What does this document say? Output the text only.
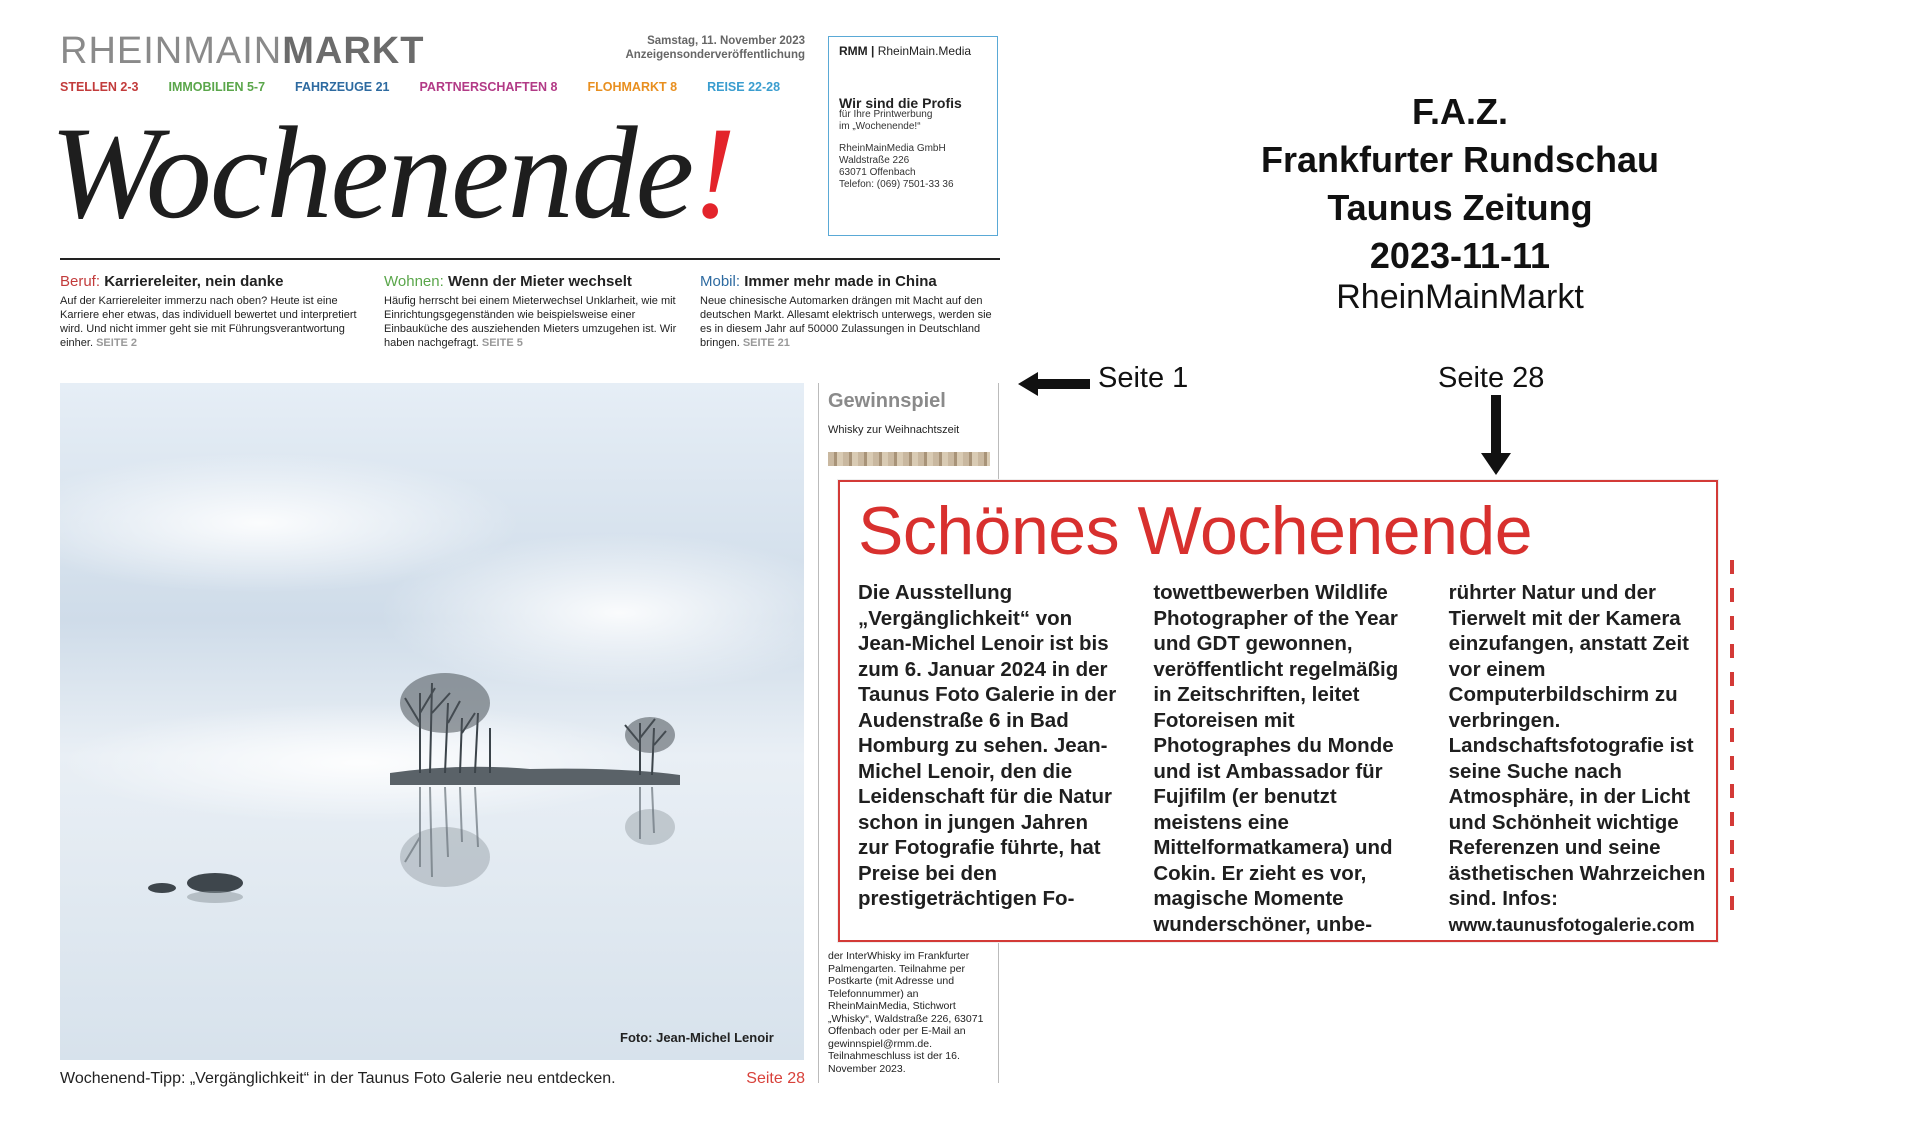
RHEINMAINMARKT	Samstag, 11. November 2023
Anzeigensonderveröffentlichung
STELLEN 2-3 IMMOBILIEN 5-7 FAHRZEUGE 21 PARTNERSCHAFTEN 8 FLOHMARKT 8 REISE 22-28
Wochenende!
RMM | RheinMain.Media
Wir sind die Profis
für Ihre Printwerbung
im „Wochenende!“
RheinMainMedia GmbH
Waldstraße 226
63071 Offenbach
Telefon: (069) 7501-33 36
Beruf: Karriereleiter, nein danke
Auf der Karriereleiter immerzu nach oben? Heute ist eine Karriere eher etwas, das individuell bewertet und interpretiert wird. Und nicht immer geht sie mit Führungsverantwortung einher. SEITE 2
Wohnen: Wenn der Mieter wechselt
Häufig herrscht bei einem Mieterwechsel Unklarheit, wie mit Einrichtungsgegenständen wie beispielsweise einer Einbauküche des ausziehenden Mieters umzugehen ist. Wir haben nachgefragt. SEITE 5
Mobil: Immer mehr made in China
Neue chinesische Automarken drängen mit Macht auf den deutschen Markt. Allesamt elektrisch unterwegs, werden sie es in diesem Jahr auf 50000 Zulassungen in Deutschland bringen. SEITE 21
Foto: Jean-Michel Lenoir
Wochenend-Tipp: „Vergänglichkeit“ in der Taunus Foto Galerie neu entdecken.	Seite 28
Gewinnspiel
Whisky zur Weihnachtszeit
der InterWhisky im Frankfurter Palmengarten. Teilnahme per Postkarte (mit Adresse und Telefonnummer) an RheinMainMedia, Stichwort „Whisky“, Waldstraße 226, 63071 Offenbach oder per E-Mail an gewinnspiel@rmm.de. Teilnahmeschluss ist der 16. November 2023.
F.A.Z.
Frankfurter Rundschau
Taunus Zeitung
2023-11-11
RheinMainMarkt
Seite 1	Seite 28
Schönes Wochenende
Die Ausstellung „Vergänglichkeit“ von Jean-Michel Lenoir ist bis zum 6. Januar 2024 in der Taunus Foto Galerie in der Audenstraße 6 in Bad Homburg zu sehen. Jean-Michel Lenoir, den die Leidenschaft für die Natur schon in jungen Jahren zur Fotografie führte, hat Preise bei den prestigeträchtigen Fo-
towettbewerben Wildlife Photographer of the Year und GDT gewonnen, veröffentlicht regelmäßig in Zeitschriften, leitet Fotoreisen mit Photographes du Monde und ist Ambassador für Fujifilm (er benutzt meistens eine Mittelformatkamera) und Cokin. Er zieht es vor, magische Momente wunderschöner, unbe-
rührter Natur und der Tierwelt mit der Kamera einzufangen, anstatt Zeit vor einem Computerbildschirm zu verbringen. Landschaftsfotografie ist seine Suche nach Atmosphäre, in der Licht und Schönheit wichtige Referenzen und seine ästhetischen Wahrzeichen sind. Infos:
www.taunusfotogalerie.com
